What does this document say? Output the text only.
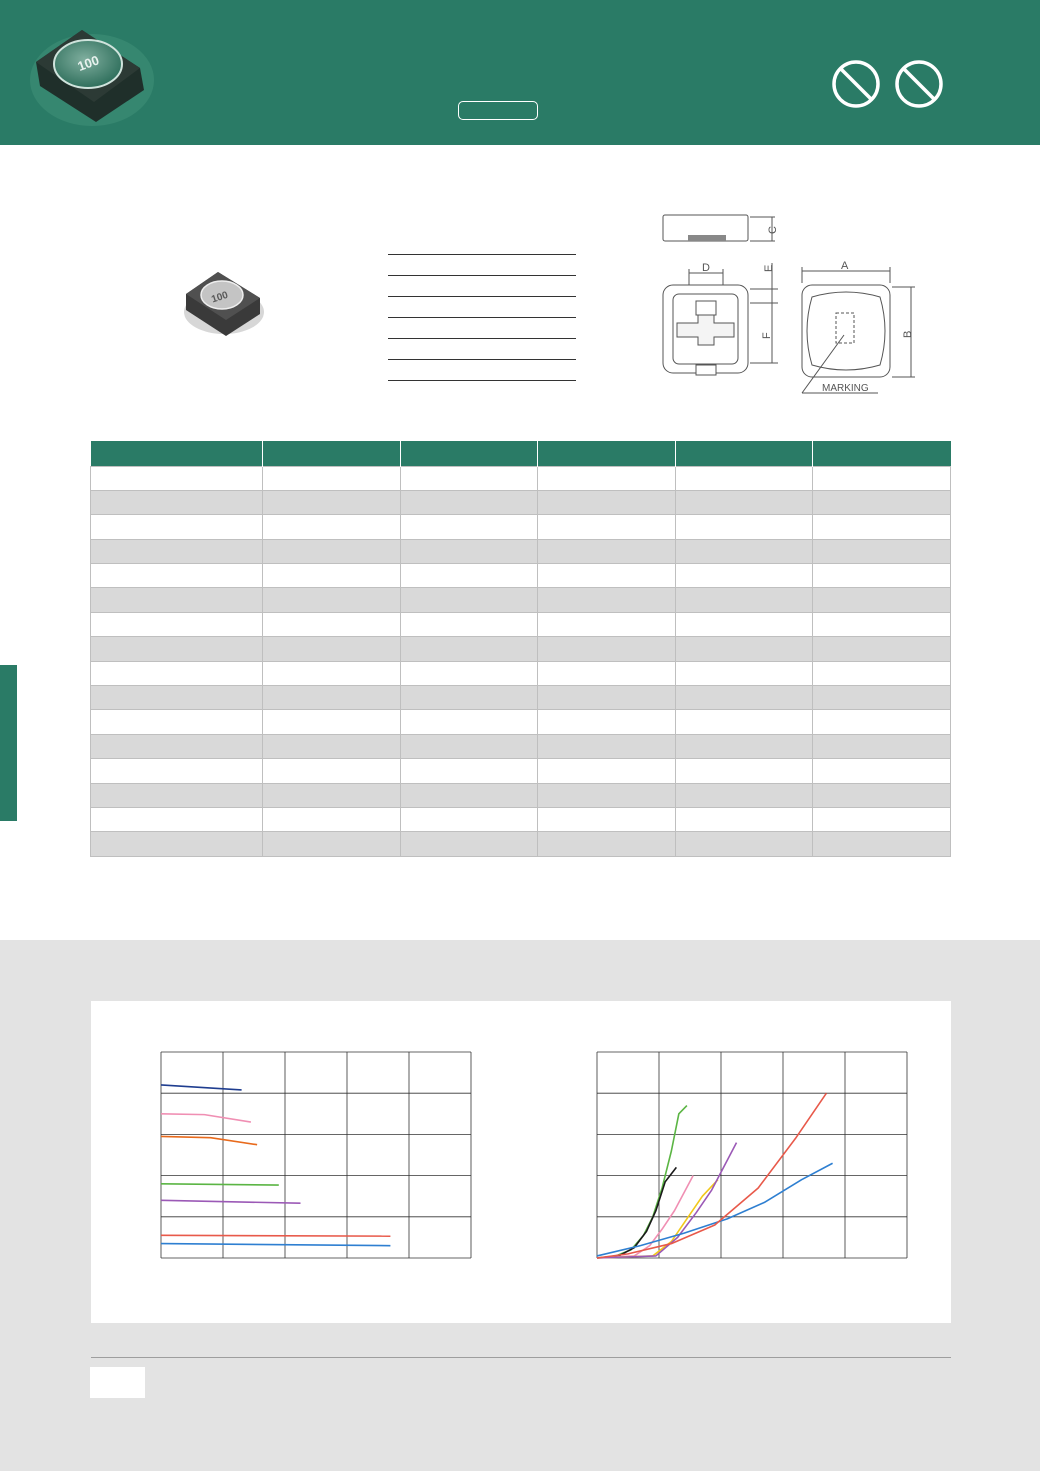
100
100
C
D	E
F
A
B
MARKING
